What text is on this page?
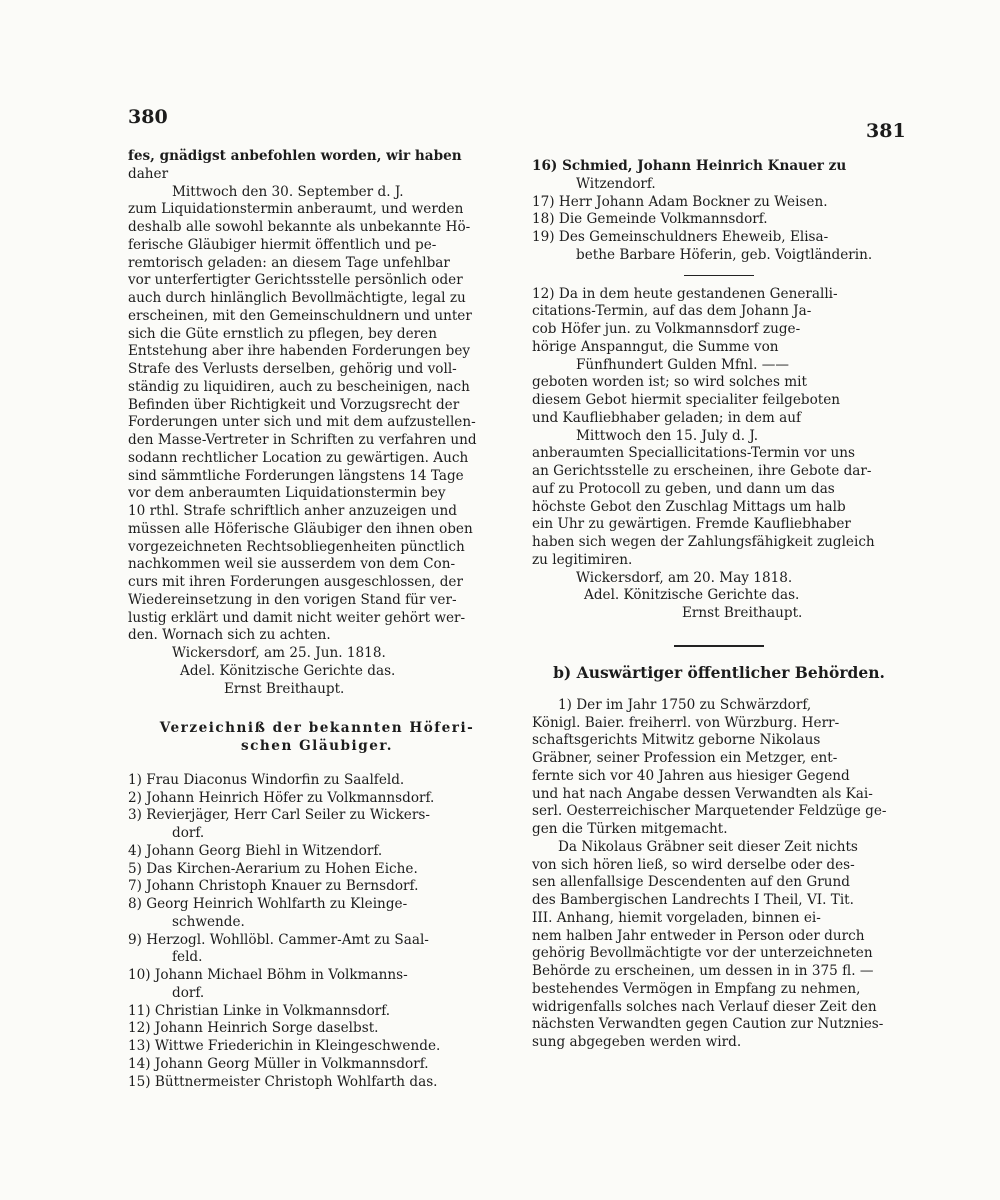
380
381
fes, gnädigst anbefohlen worden, wir haben
daher
Mittwoch den 30. September d. J.
zum Liquidationstermin anberaumt, und werden
deshalb alle sowohl bekannte als unbekannte Hö-
ferische Gläubiger hiermit öffentlich und pe-
remtorisch geladen: an diesem Tage unfehlbar
vor unterfertigter Gerichtsstelle persönlich oder
auch durch hinlänglich Bevollmächtigte, legal zu
erscheinen, mit den Gemeinschuldnern und unter
sich die Güte ernstlich zu pflegen, bey deren
Entstehung aber ihre habenden Forderungen bey
Strafe des Verlusts derselben, gehörig und voll-
ständig zu liquidiren, auch zu bescheinigen, nach
Befinden über Richtigkeit und Vorzugsrecht der
Forderungen unter sich und mit dem aufzustellen-
den Masse-Vertreter in Schriften zu verfahren und
sodann rechtlicher Location zu gewärtigen. Auch
sind sämmtliche Forderungen längstens 14 Tage
vor dem anberaumten Liquidationstermin bey
10 rthl. Strafe schriftlich anher anzuzeigen und
müssen alle Höferische Gläubiger den ihnen oben
vorgezeichneten Rechtsobliegenheiten pünctlich
nachkommen weil sie ausserdem von dem Con-
curs mit ihren Forderungen ausgeschlossen, der
Wiedereinsetzung in den vorigen Stand für ver-
lustig erklärt und damit nicht weiter gehört wer-
den. Wornach sich zu achten.
Wickersdorf, am 25. Jun. 1818.
Adel. Könitzische Gerichte das.
Ernst Breithaupt.
Verzeichniß der bekannten Höferi-
schen Gläubiger.
1) Frau Diaconus Windorfin zu Saalfeld.
2) Johann Heinrich Höfer zu Volkmannsdorf.
3) Revierjäger, Herr Carl Seiler zu Wickers-
dorf.
4) Johann Georg Biehl in Witzendorf.
5) Das Kirchen-Aerarium zu Hohen Eiche.
7) Johann Christoph Knauer zu Bernsdorf.
8) Georg Heinrich Wohlfarth zu Kleinge-
schwende.
9) Herzogl. Wohllöbl. Cammer-Amt zu Saal-
feld.
10) Johann Michael Böhm in Volkmanns-
dorf.
11) Christian Linke in Volkmannsdorf.
12) Johann Heinrich Sorge daselbst.
13) Wittwe Friederichin in Kleingeschwende.
14) Johann Georg Müller in Volkmannsdorf.
15) Büttnermeister Christoph Wohlfarth das.
16) Schmied, Johann Heinrich Knauer zu
Witzendorf.
17) Herr Johann Adam Bockner zu Weisen.
18) Die Gemeinde Volkmannsdorf.
19) Des Gemeinschuldners Eheweib, Elisa-
bethe Barbare Höferin, geb. Voigtländerin.
12) Da in dem heute gestandenen Generalli-
citations-Termin, auf das dem Johann Ja-
cob Höfer jun. zu Volkmannsdorf zuge-
hörige Anspanngut, die Summe von
Fünfhundert Gulden Mfnl. ——
geboten worden ist; so wird solches mit
diesem Gebot hiermit specialiter feilgeboten
und Kaufliebhaber geladen; in dem auf
Mittwoch den 15. July d. J.
anberaumten Speciallicitations-Termin vor uns
an Gerichtsstelle zu erscheinen, ihre Gebote dar-
auf zu Protocoll zu geben, und dann um das
höchste Gebot den Zuschlag Mittags um halb
ein Uhr zu gewärtigen. Fremde Kaufliebhaber
haben sich wegen der Zahlungsfähigkeit zugleich
zu legitimiren.
Wickersdorf, am 20. May 1818.
Adel. Könitzische Gerichte das.
Ernst Breithaupt.
b) Auswärtiger öffentlicher Behörden.
1) Der im Jahr 1750 zu Schwärzdorf,
Königl. Baier. freiherrl. von Würzburg. Herr-
schaftsgerichts Mitwitz geborne Nikolaus
Gräbner, seiner Profession ein Metzger, ent-
fernte sich vor 40 Jahren aus hiesiger Gegend
und hat nach Angabe dessen Verwandten als Kai-
serl. Oesterreichischer Marquetender Feldzüge ge-
gen die Türken mitgemacht.
Da Nikolaus Gräbner seit dieser Zeit nichts
von sich hören ließ, so wird derselbe oder des-
sen allenfallsige Descendenten auf den Grund
des Bambergischen Landrechts I Theil, VI. Tit.
III. Anhang, hiemit vorgeladen, binnen ei-
nem halben Jahr entweder in Person oder durch
gehörig Bevollmächtigte vor der unterzeichneten
Behörde zu erscheinen, um dessen in in 375 fl. —
bestehendes Vermögen in Empfang zu nehmen,
widrigenfalls solches nach Verlauf dieser Zeit den
nächsten Verwandten gegen Caution zur Nutznies-
sung abgegeben werden wird.
